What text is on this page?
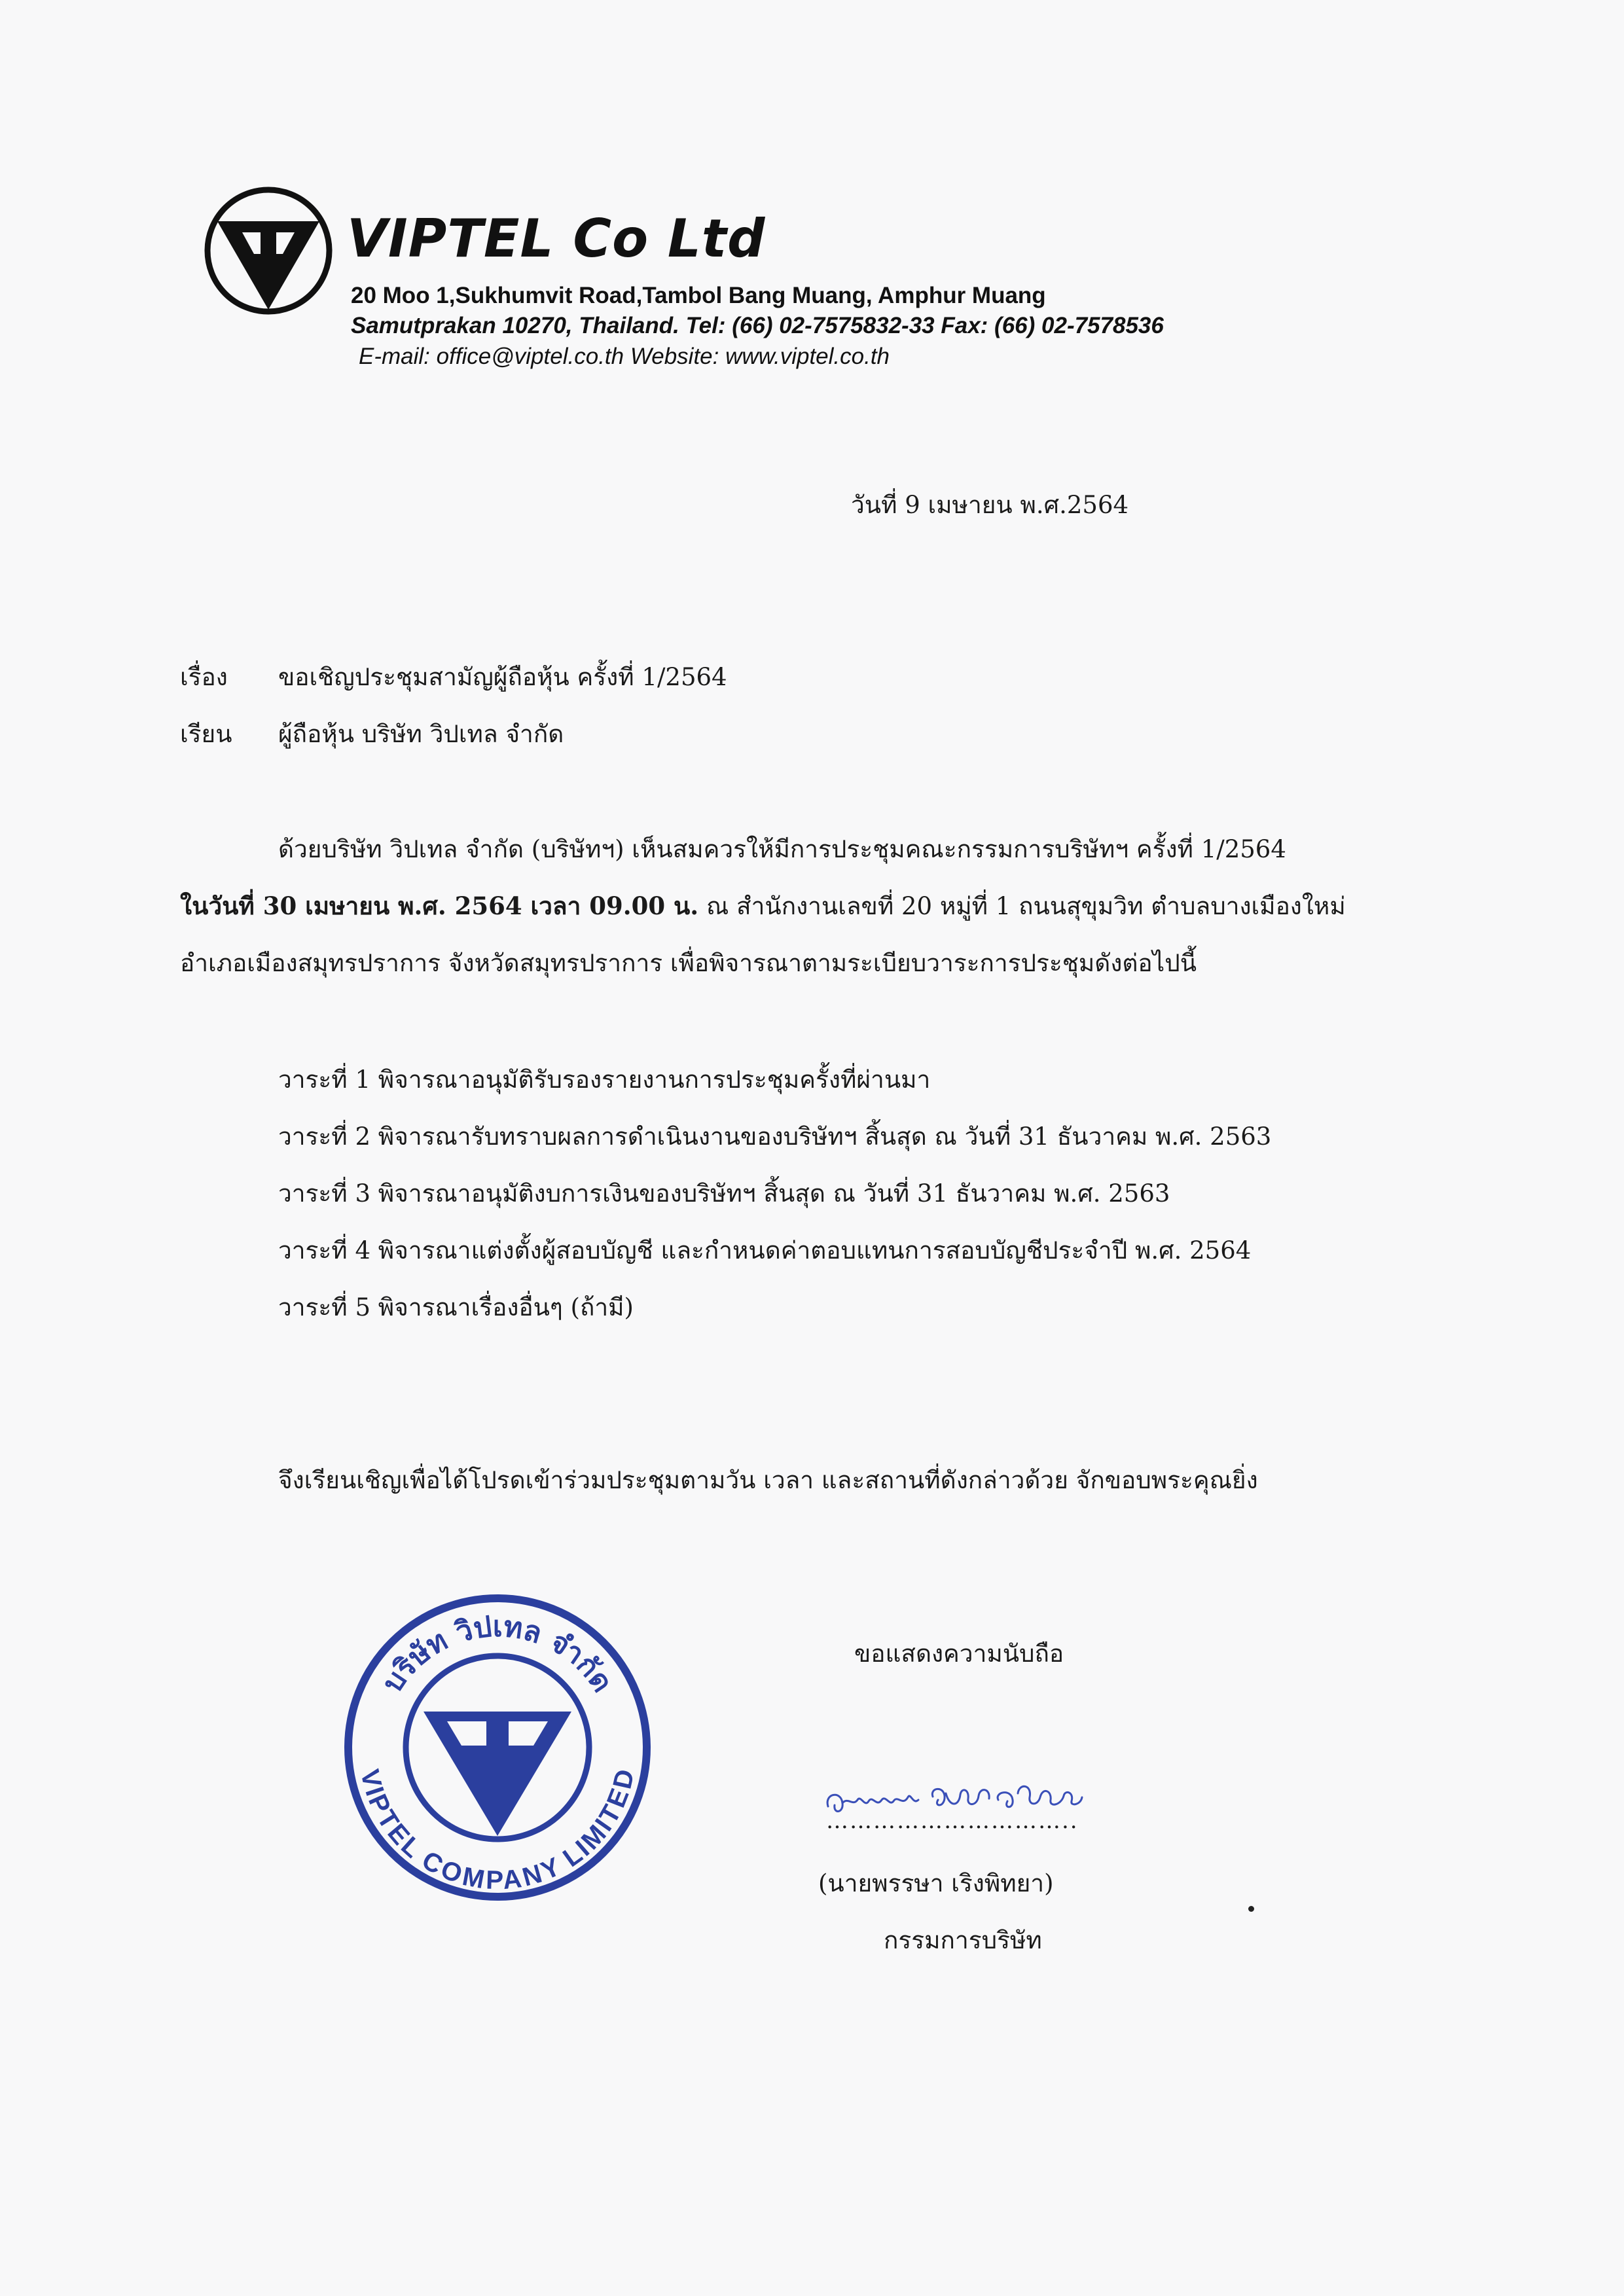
VIPTEL Co Ltd
20 Moo 1,Sukhumvit Road,Tambol Bang Muang, Amphur Muang
Samutprakan 10270, Thailand. Tel: (66) 02-7575832-33 Fax: (66) 02-7578536
E-mail: office@viptel.co.th Website: www.viptel.co.th
วันที่ 9 เมษายน พ.ศ.2564
เรื่อง ขอเชิญประชุมสามัญผู้ถือหุ้น ครั้งที่ 1/2564
เรียน ผู้ถือหุ้น บริษัท วิปเทล จำกัด
ด้วยบริษัท วิปเทล จำกัด (บริษัทฯ) เห็นสมควรให้มีการประชุมคณะกรรมการบริษัทฯ ครั้งที่ 1/2564
ในวันที่ 30 เมษายน พ.ศ. 2564 เวลา 09.00 น. ณ สำนักงานเลขที่ 20 หมู่ที่ 1 ถนนสุขุมวิท ตำบลบางเมืองใหม่
อำเภอเมืองสมุทรปราการ จังหวัดสมุทรปราการ เพื่อพิจารณาตามระเบียบวาระการประชุมดังต่อไปนี้
วาระที่ 1 พิจารณาอนุมัติรับรองรายงานการประชุมครั้งที่ผ่านมา
วาระที่ 2 พิจารณารับทราบผลการดำเนินงานของบริษัทฯ สิ้นสุด ณ วันที่ 31 ธันวาคม พ.ศ. 2563
วาระที่ 3 พิจารณาอนุมัติงบการเงินของบริษัทฯ สิ้นสุด ณ วันที่ 31 ธันวาคม พ.ศ. 2563
วาระที่ 4 พิจารณาแต่งตั้งผู้สอบบัญชี และกำหนดค่าตอบแทนการสอบบัญชีประจำปี พ.ศ. 2564
วาระที่ 5 พิจารณาเรื่องอื่นๆ (ถ้ามี)
จึงเรียนเชิญเพื่อได้โปรดเข้าร่วมประชุมตามวัน เวลา และสถานที่ดังกล่าวด้วย จักขอบพระคุณยิ่ง
บริษัท วิปเทล จำกัด
VIPTEL COMPANY LIMITED
ขอแสดงความนับถือ
…………………………..
(นายพรรษา เริงพิทยา)
กรรมการบริษัท
